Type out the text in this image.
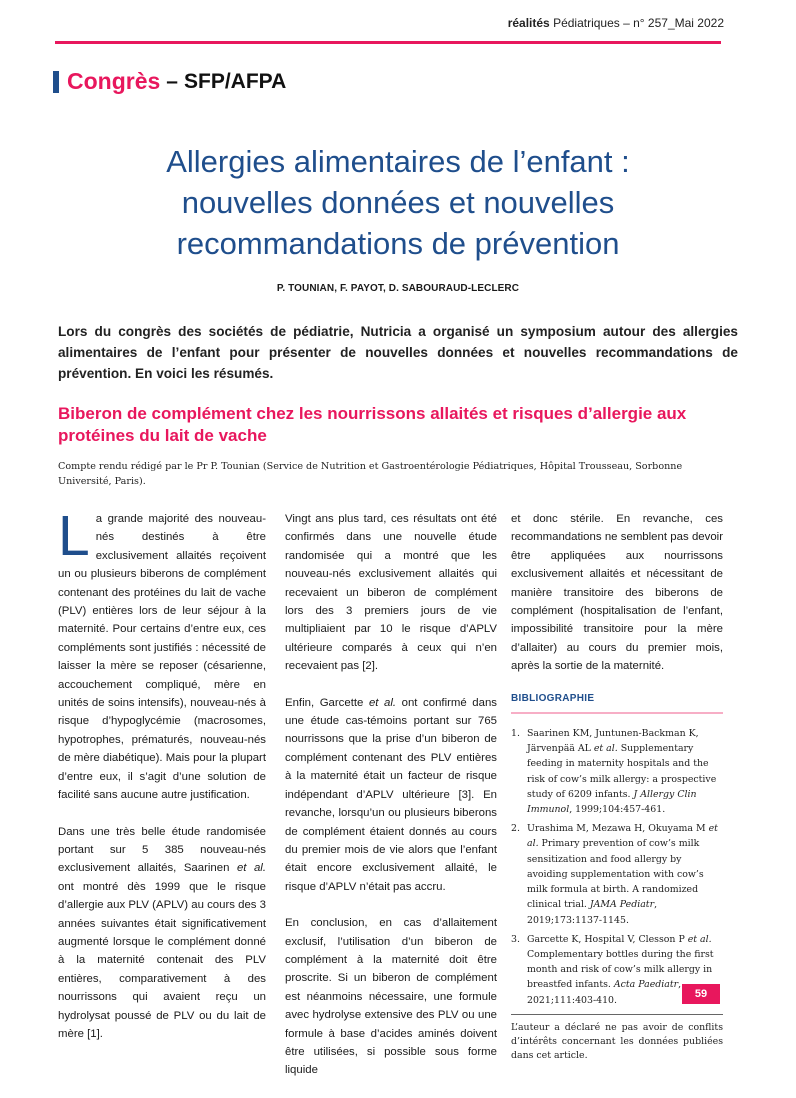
réalités Pédiatriques – n° 257_Mai 2022
Congrès – SFP/AFPA
Allergies alimentaires de l’enfant :
nouvelles données et nouvelles
recommandations de prévention
P. TOUNIAN, F. PAYOT, D. SABOURAUD-LECLERC

Lors du congrès des sociétés de pédiatrie, Nutricia a organisé un symposium autour des allergies alimentaires de l’enfant pour présenter de nouvelles données et nouvelles recommandations de prévention. En voici les résumés.

Biberon de complément chez les nourrissons allaités et risques d’allergie aux protéines du lait de vache

Compte rendu rédigé par le Pr P. Tounian (Service de Nutrition et Gastroentérologie Pédiatriques, Hôpital Trousseau, Sorbonne Université, Paris).

La grande majorité des nouveau-nés destinés à être exclusivement allaités reçoivent un ou plusieurs biberons de complément contenant des protéines du lait de vache (PLV) entières lors de leur séjour à la maternité. Pour certains d’entre eux, ces compléments sont justifiés : nécessité de laisser la mère se reposer (césarienne, accouchement compliqué, mère en unités de soins intensifs), nouveau-nés à risque d’hypoglycémie (macrosomes, hypotrophes, prématurés, nouveau-nés de mère diabétique). Mais pour la plupart d’entre eux, il s’agit d’une solution de facilité sans aucune autre justification.

Dans une très belle étude randomisée portant sur 5 385 nouveau-nés exclusivement allaités, Saarinen et al. ont montré dès 1999 que le risque d’allergie aux PLV (APLV) au cours des 3 années suivantes était significativement augmenté lorsque le complément donné à la maternité contenait des PLV entières, comparativement à des nourrissons qui avaient reçu un hydrolysat poussé de PLV ou du lait de mère [1].

Vingt ans plus tard, ces résultats ont été confirmés dans une nouvelle étude randomisée qui a montré que les nouveau-nés exclusivement allaités qui recevaient un biberon de complément lors des 3 premiers jours de vie multipliaient par 10 le risque d’APLV ultérieure comparés à ceux qui n’en recevaient pas [2].

Enfin, Garcette et al. ont confirmé dans une étude cas-témoins portant sur 765 nourrissons que la prise d’un biberon de complément contenant des PLV entières à la maternité était un facteur de risque indépendant d’APLV ultérieure [3]. En revanche, lorsqu’un ou plusieurs biberons de complément étaient donnés au cours du premier mois de vie alors que l’enfant était encore exclusivement allaité, le risque d’APLV n’était pas accru.

En conclusion, en cas d’allaitement exclusif, l’utilisation d’un biberon de complément à la maternité doit être proscrite. Si un biberon de complément est néanmoins nécessaire, une formule avec hydrolyse extensive des PLV ou une formule à base d’acides aminés doivent être utilisées, si possible sous forme liquide

et donc stérile. En revanche, ces recommandations ne semblent pas devoir être appliquées aux nourrissons exclusivement allaités et nécessitant de manière transitoire des biberons de complément (hospitalisation de l’enfant, impossibilité transitoire pour la mère d’allaiter) au cours du premier mois, après la sortie de la maternité.

BIBLIOGRAPHIE
1. Saarinen KM, Juntunen-Backman K, Järvenpää AL et al. Supplementary feeding in maternity hospitals and the risk of cow’s milk allergy: a prospective study of 6209 infants. J Allergy Clin Immunol, 1999;104:457-461.
2. Urashima M, Mezawa H, Okuyama M et al. Primary prevention of cow’s milk sensitization and food allergy by avoiding supplementation with cow’s milk formula at birth. A randomized clinical trial. JAMA Pediatr, 2019;173:1137-1145.
3. Garcette K, Hospital V, Clesson P et al. Complementary bottles during the first month and risk of cow’s milk allergy in breastfed infants. Acta Paediatr, 2021;111:403-410.

L’auteur a déclaré ne pas avoir de conflits d’intérêts concernant les données publiées dans cet article.

59
